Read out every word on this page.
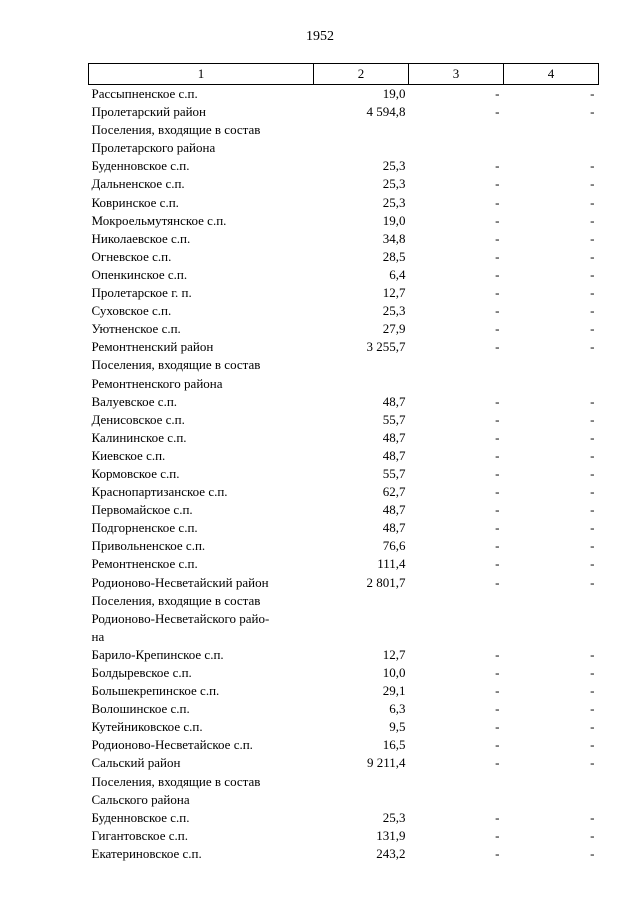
1952
1	2	3	4
Рассыпненское с.п.	19,0	-	-
Пролетарский район	4 594,8	-	-
Поселения, входящие в состав
Пролетарского района			
Буденновское с.п.	25,3	-	-
Дальненское с.п.	25,3	-	-
Ковринское с.п.	25,3	-	-
Мокроельмутянское с.п.	19,0	-	-
Николаевское с.п.	34,8	-	-
Огневское с.п.	28,5	-	-
Опенкинское с.п.	6,4	-	-
Пролетарское г. п.	12,7	-	-
Суховское с.п.	25,3	-	-
Уютненское с.п.	27,9	-	-
Ремонтненский район	3 255,7	-	-
Поселения, входящие в состав
Ремонтненского района			
Валуевское с.п.	48,7	-	-
Денисовское с.п.	55,7	-	-
Калининское с.п.	48,7	-	-
Киевское с.п.	48,7	-	-
Кормовское с.п.	55,7	-	-
Краснопартизанское с.п.	62,7	-	-
Первомайское с.п.	48,7	-	-
Подгорненское с.п.	48,7	-	-
Привольненское с.п.	76,6	-	-
Ремонтненское с.п.	111,4	-	-
Родионово-Несветайский район	2 801,7	-	-
Поселения, входящие в состав
Родионово-Несветайского райо-
на			
Барило-Крепинское с.п.	12,7	-	-
Болдыревское с.п.	10,0	-	-
Большекрепинское с.п.	29,1	-	-
Волошинское с.п.	6,3	-	-
Кутейниковское с.п.	9,5	-	-
Родионово-Несветайское с.п.	16,5	-	-
Сальский район	9 211,4	-	-
Поселения, входящие в состав
Сальского района			
Буденновское с.п.	25,3	-	-
Гигантовское с.п.	131,9	-	-
Екатериновское с.п.	243,2	-	-
